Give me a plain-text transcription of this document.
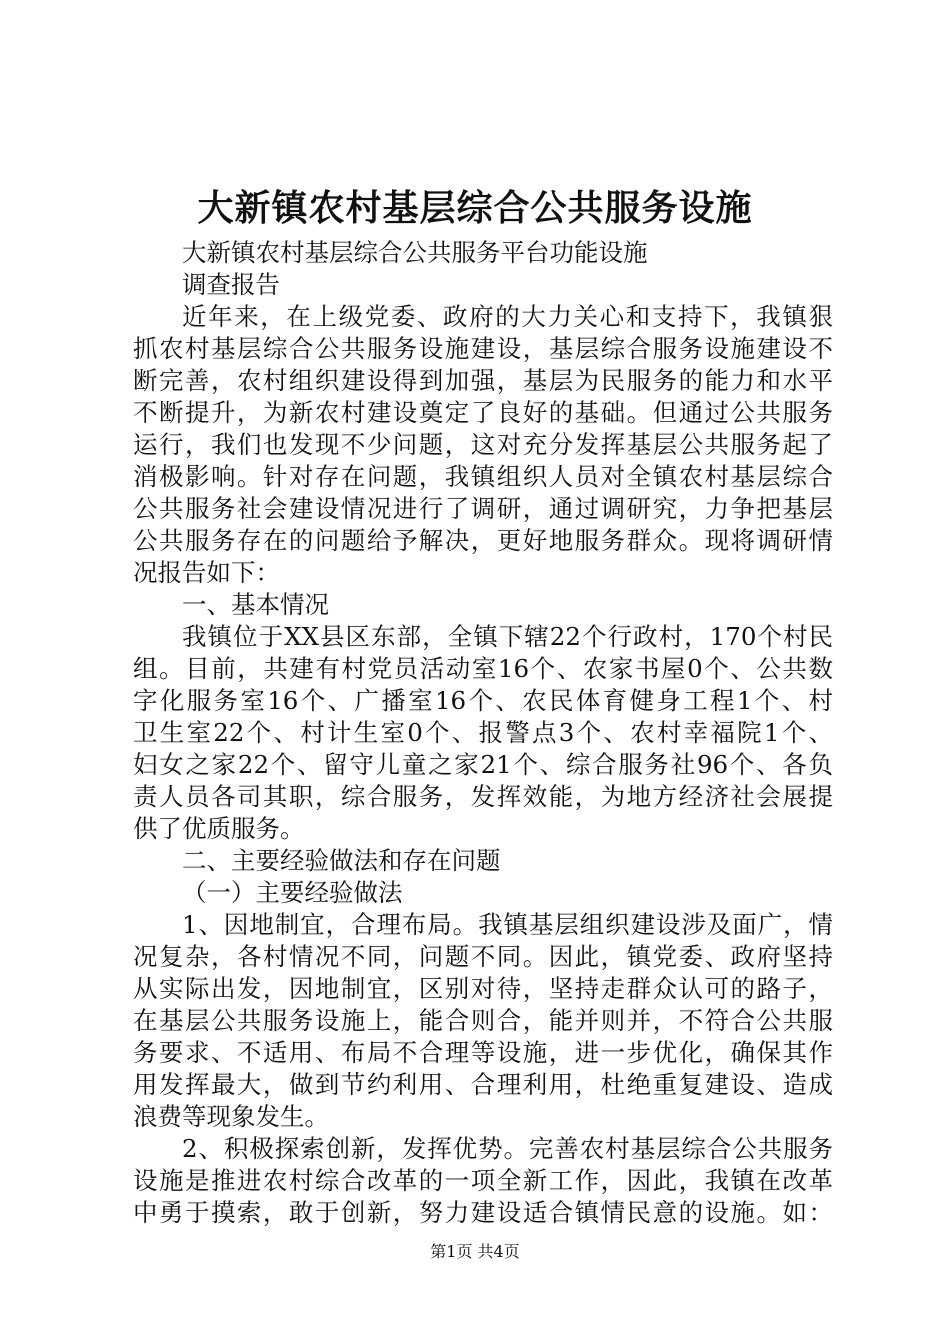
大新镇农村基层综合公共服务设施
大新镇农村基层综合公共服务平台功能设施
调查报告
近年来，在上级党委、政府的大力关心和支持下，我镇狠
抓农村基层综合公共服务设施建设，基层综合服务设施建设不
断完善，农村组织建设得到加强，基层为民服务的能力和水平
不断提升，为新农村建设奠定了良好的基础。但通过公共服务
运行，我们也发现不少问题，这对充分发挥基层公共服务起了
消极影响。针对存在问题，我镇组织人员对全镇农村基层综合
公共服务社会建设情况进行了调研，通过调研究，力争把基层
公共服务存在的问题给予解决，更好地服务群众。现将调研情
况报告如下：
一、基本情况
我镇位于XX县区东部，全镇下辖22个行政村，170个村民
组。目前，共建有村党员活动室16个、农家书屋0个、公共数
字化服务室16个、广播室16个、农民体育健身工程1个、村
卫生室22个、村计生室0个、报警点3个、农村幸福院1个、
妇女之家22个、留守儿童之家21个、综合服务社96个、各负
责人员各司其职，综合服务，发挥效能，为地方经济社会展提
供了优质服务。
二、主要经验做法和存在问题
（一）主要经验做法
1、因地制宜，合理布局。我镇基层组织建设涉及面广，情
况复杂，各村情况不同，问题不同。因此，镇党委、政府坚持
从实际出发，因地制宜，区别对待，坚持走群众认可的路子，
在基层公共服务设施上，能合则合，能并则并，不符合公共服
务要求、不适用、布局不合理等设施，进一步优化，确保其作
用发挥最大，做到节约利用、合理利用，杜绝重复建设、造成
浪费等现象发生。
2、积极探索创新，发挥优势。完善农村基层综合公共服务
设施是推进农村综合改革的一项全新工作，因此，我镇在改革
中勇于摸索，敢于创新，努力建设适合镇情民意的设施。如：
第1页 共4页
